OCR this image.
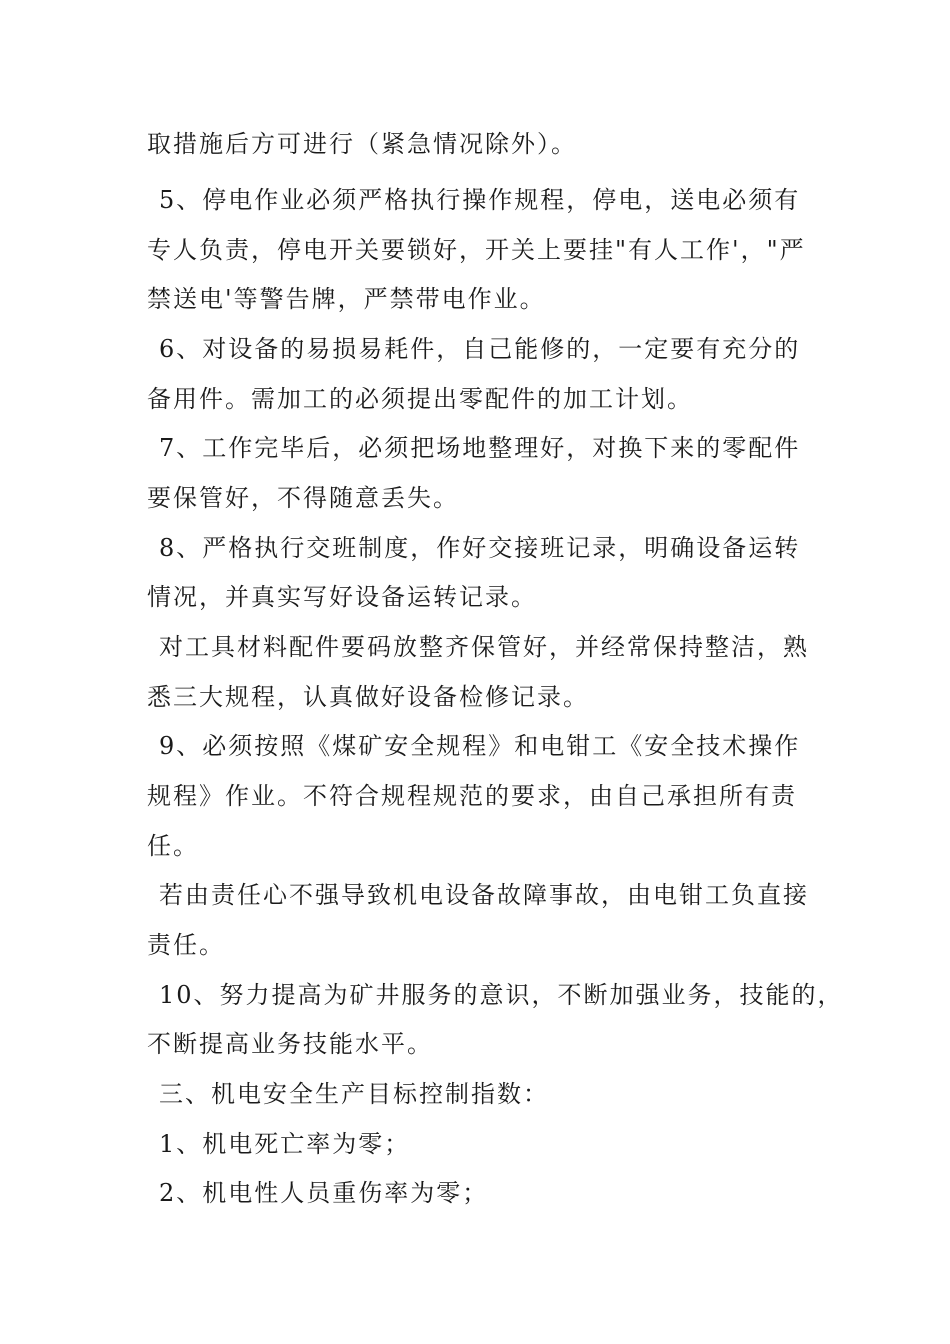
取措施后方可进行（紧急情况除外）。
5、停电作业必须严格执行操作规程，停电，送电必须有
专人负责，停电开关要锁好，开关上要挂"有人工作'，"严
禁送电'等警告牌，严禁带电作业。
6、对设备的易损易耗件，自己能修的，一定要有充分的
备用件。需加工的必须提出零配件的加工计划。
7、工作完毕后，必须把场地整理好，对换下来的零配件
要保管好，不得随意丢失。
8、严格执行交班制度，作好交接班记录，明确设备运转
情况，并真实写好设备运转记录。
对工具材料配件要码放整齐保管好，并经常保持整洁，熟
悉三大规程，认真做好设备检修记录。
9、必须按照《煤矿安全规程》和电钳工《安全技术操作
规程》作业。不符合规程规范的要求，由自己承担所有责
任。
若由责任心不强导致机电设备故障事故，由电钳工负直接
责任。
10、努力提高为矿井服务的意识，不断加强业务，技能的，
不断提高业务技能水平。
三、机电安全生产目标控制指数：
1、机电死亡率为零；
2、机电性人员重伤率为零；
